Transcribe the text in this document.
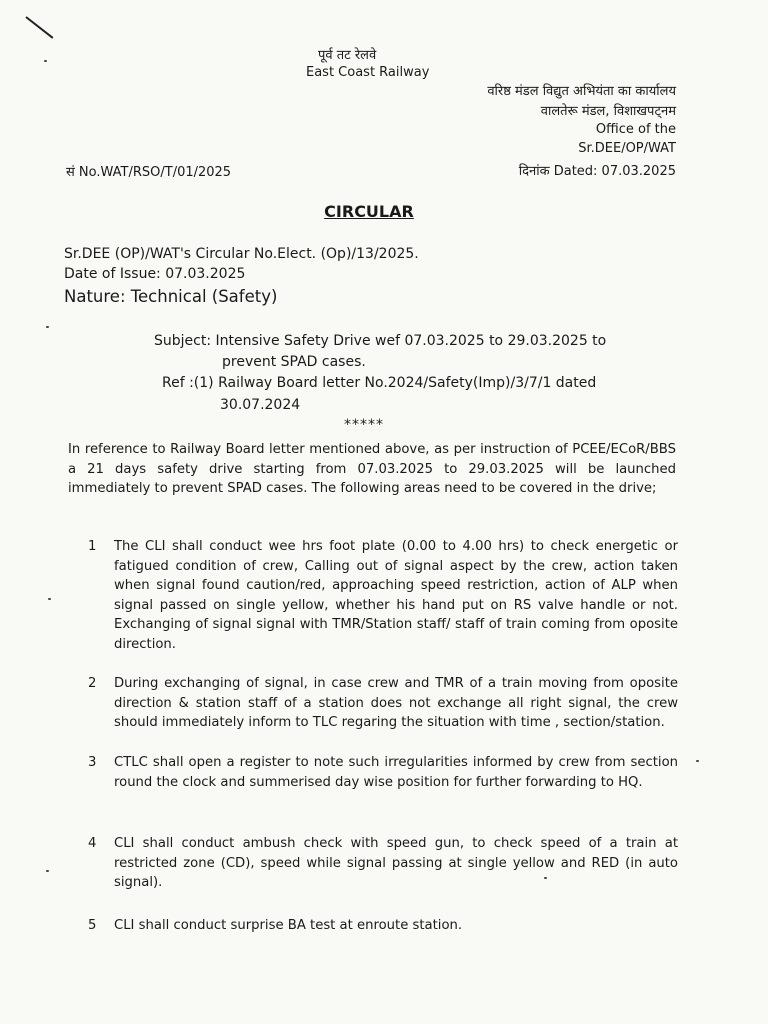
पूर्व तट रेलवे
East Coast Railway
वरिष्ठ मंडल विद्युत अभियंता का कार्यालय
वालतेरू मंडल, विशाखपट्नम
Office of the
Sr.DEE/OP/WAT
दिनांक Dated: 07.03.2025
सं No.WAT/RSO/T/01/2025
CIRCULAR
Sr.DEE (OP)/WAT's Circular No.Elect. (Op)/13/2025.
Date of Issue: 07.03.2025
Nature: Technical (Safety)
Subject: Intensive Safety Drive wef 07.03.2025 to 29.03.2025 to
prevent SPAD cases.
Ref :(1) Railway Board letter No.2024/Safety(Imp)/3/7/1 dated
30.07.2024
*****
In reference to Railway Board letter mentioned above, as per instruction of PCEE/ECoR/BBS a 21 days safety drive starting from 07.03.2025 to 29.03.2025 will be launched immediately to prevent SPAD cases. The following areas need to be covered in the drive;
1	The CLI shall conduct wee hrs foot plate (0.00 to 4.00 hrs) to check energetic or fatigued condition of crew, Calling out of signal aspect by the crew, action taken when signal found caution/red, approaching speed restriction, action of ALP when signal passed on single yellow, whether his hand put on RS valve handle or not. Exchanging of signal signal with TMR/Station staff/ staff of train coming from oposite direction.
2	During exchanging of signal, in case crew and TMR of a train moving from oposite direction & station staff of a station does not exchange all right signal, the crew should immediately inform to TLC regaring the situation with time , section/station.
3	CTLC shall open a register to note such irregularities informed by crew from section round the clock and summerised day wise position for further forwarding to HQ.
4	CLI shall conduct ambush check with speed gun, to check speed of a train at restricted zone (CD), speed while signal passing at single yellow and RED (in auto signal).
5	CLI shall conduct surprise BA test at enroute station.
